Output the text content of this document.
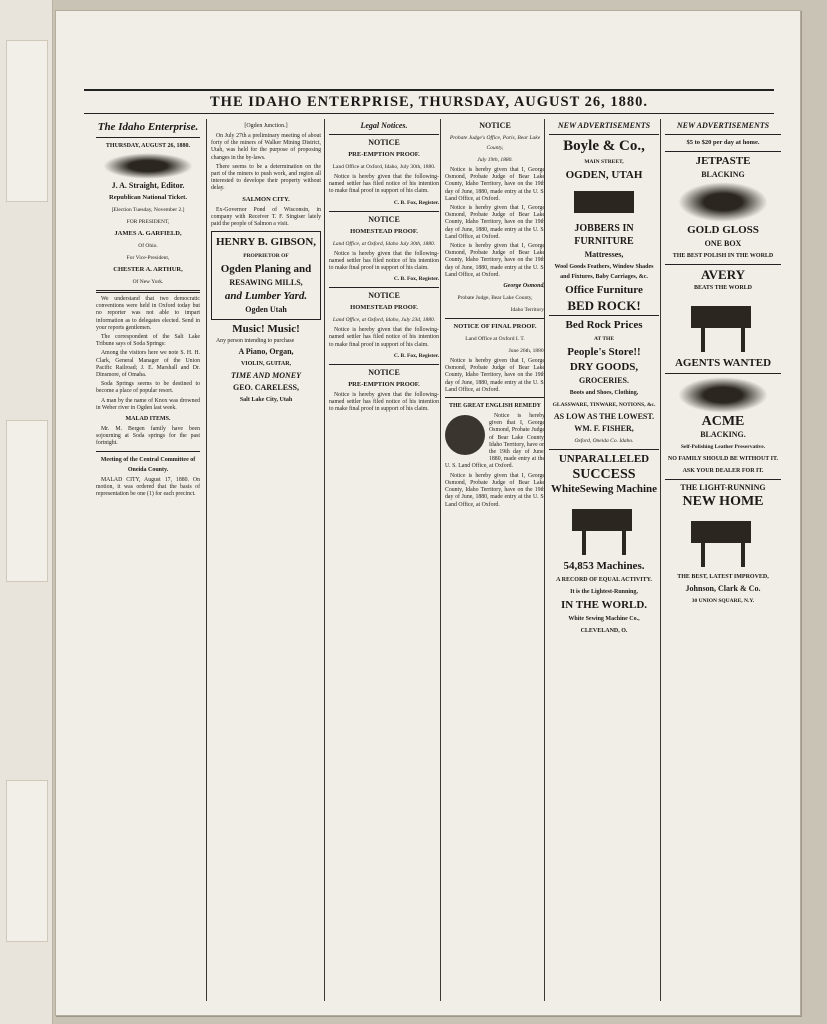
THE IDAHO ENTERPRISE, THURSDAY, AUGUST 26, 1880.
The Idaho Enterprise.
THURSDAY, AUGUST 26, 1880.
J. A. Straight, Editor.
Republican National Ticket.
[Election Tuesday, November 2.]
FOR PRESIDENT,
JAMES A. GARFIELD,
Of Ohio.
For Vice-President,
CHESTER A. ARTHUR,
Of New York.

We understand that two democratic conventions were held in Oxford today but no reporter was not able to impart information as to delegates elected. Send in your reports gentlemen.

The correspondent of the Salt Lake Tribune says of Soda Springs:

Among the visitors here we note S. H. H. Clark, General Manager of the Union Pacific Railroad; J. E. Marshall and Dr. Dinsmore, of Omaha.

Soda Springs seems to be destined to become a place of popular resort.

A man by the name of Knox was drowned in Weber river in Ogden last week.

MALAD ITEMS.

Mr. M. Bergen family have been sojourning at Soda springs for the past fortnight.

Meeting of the Central Committee of Oneida County.

MALAD CITY, August 17, 1880. On motion, it was ordered that the basis of representation be one (1) for each precinct.

[Ogden Junction.]

On July 27th a preliminary meeting of about forty of the miners of Walker Mining District, Utah, was held for the purpose of proposing changes in the by-laws.

There seems to be a determination on the part of the miners to push work, and region all interested to develope their property without delay.

SALMON CITY.

Ex-Governor Pond of Wisconsin, in company with Receiver T. F. Singiser lately paid the people of Salmon a visit.

HENRY B. GIBSON,
PROPRIETOR OF
Ogden Planing and
RESAWING MILLS,
and Lumber Yard.
Ogden Utah
Music! Music!

Any person intending to purchase

A Piano, Organ,
VIOLIN, GUITAR,
TIME AND MONEY
GEO. CARELESS,
Salt Lake City, Utah
Legal Notices.
NOTICE
PRE-EMPTION PROOF.
Land Office at Oxford, Idaho, July 30th, 1880.

Notice is hereby given that the following-named settler has filed notice of his intention to make final proof in support of his claim.

C. B. Fox, Register.
NOTICE
HOMESTEAD PROOF.
Land Office, at Oxford, Idaho July 30th, 1880.

Notice is hereby given that the following-named settler has filed notice of his intention to make final proof in support of his claim.

C. B. Fox, Register.
NOTICE
HOMESTEAD PROOF.
Land Office, at Oxford, Idaho, July 23d, 1880.

Notice is hereby given that the following-named settler has filed notice of his intention to make final proof in support of his claim.

C. B. Fox, Register.
NOTICE
PRE-EMPTION PROOF.

Notice is hereby given that the following-named settler has filed notice of his intention to make final proof in support of his claim.

NOTICE
Probate Judge's Office, Paris, Bear Lake County,
July 19th, 1880.

Notice is hereby given that I, George Osmond, Probate Judge of Bear Lake County, Idaho Territory, have on the 19th day of June, 1880, made entry at the U. S. Land Office, at Oxford.

Notice is hereby given that I, George Osmond, Probate Judge of Bear Lake County, Idaho Territory, have on the 19th day of June, 1880, made entry at the U. S. Land Office, at Oxford.

Notice is hereby given that I, George Osmond, Probate Judge of Bear Lake County, Idaho Territory, have on the 19th day of June, 1880, made entry at the U. S. Land Office, at Oxford.

George Osmond,
Probate Judge, Bear Lake County,
Idaho Territory.
NOTICE OF FINAL PROOF.
Land Office at Oxford I. T.
June 26th, 1880.

Notice is hereby given that I, George Osmond, Probate Judge of Bear Lake County, Idaho Territory, have on the 19th day of June, 1880, made entry at the U. S. Land Office, at Oxford.

THE GREAT ENGLISH REMEDY

Notice is hereby given that I, George Osmond, Probate Judge of Bear Lake County, Idaho Territory, have on the 19th day of June, 1880, made entry at the U. S. Land Office, at Oxford.

Notice is hereby given that I, George Osmond, Probate Judge of Bear Lake County, Idaho Territory, have on the 19th day of June, 1880, made entry at the U. S. Land Office, at Oxford.

NEW ADVERTISEMENTS
Boyle & Co.,
MAIN STREET,
OGDEN, UTAH
JOBBERS IN FURNITURE
Mattresses,
Wool Goods Feathers, Window Shades and Fixtures, Baby Carriages, &c.
Office Furniture
BED ROCK!
Bed Rock Prices
AT THE
People's Store!!
DRY GOODS,
GROCERIES.
Boots and Shoes, Clothing,
GLASSWARE, TINWARE, NOTIONS, &c.
AS LOW AS THE LOWEST.
WM. F. FISHER,
Oxford, Oneida Co. Idaho.
UNPARALLELED
SUCCESS
WhiteSewing Machine
54,853 Machines.
A RECORD OF EQUAL ACTIVITY.
It is the Lightest-Running,
IN THE WORLD.
White Sewing Machine Co.,
CLEVELAND, O.
NEW ADVERTISEMENTS
$5 to $20 per day at home.
JETPASTE
BLACKING
GOLD GLOSS
ONE BOX
THE BEST POLISH IN THE WORLD
AVERY
BEATS THE WORLD
AGENTS WANTED
ACME
BLACKING.
Self-Polishing Leather Preservative.
NO FAMILY SHOULD BE WITHOUT IT.
ASK YOUR DEALER FOR IT.
THE LIGHT-RUNNING
NEW HOME
THE BEST, LATEST IMPROVED,
Johnson, Clark & Co.
30 UNION SQUARE, N.Y.
